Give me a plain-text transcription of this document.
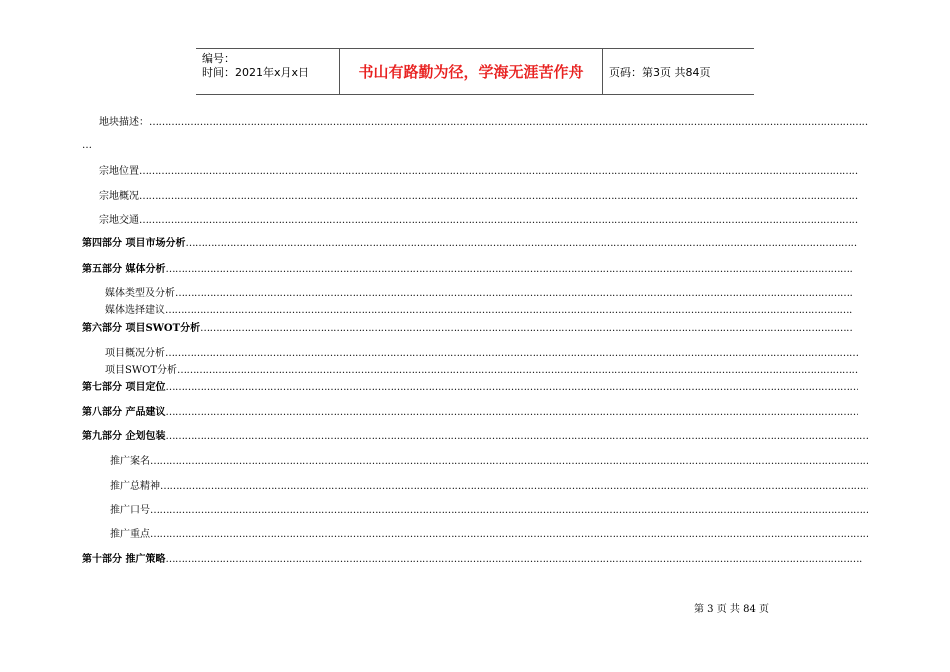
编号：
时间：2021年x月x日	书山有路勤为径，学海无涯苦作舟	页码：第3页 共84页
地块描述：
…………………………………………………………………………………………………………………………………………………………………………………………………………………………………………………………………………………………………………………………………………………………………
…
宗地位置
…………………………………………………………………………………………………………………………………………………………………………………………………………………………………………………………………………………………………………………………………………………………………
宗地概况
…………………………………………………………………………………………………………………………………………………………………………………………………………………………………………………………………………………………………………………………………………………………………
宗地交通
…………………………………………………………………………………………………………………………………………………………………………………………………………………………………………………………………………………………………………………………………………………………………
第四部分 项目市场分析
…………………………………………………………………………………………………………………………………………………………………………………………………………………………………………………………………………………………………………………………………………………………………
第五部分 媒体分析
…………………………………………………………………………………………………………………………………………………………………………………………………………………………………………………………………………………………………………………………………………………………………
媒体类型及分析
…………………………………………………………………………………………………………………………………………………………………………………………………………………………………………………………………………………………………………………………………………………………………
媒体选择建议
…………………………………………………………………………………………………………………………………………………………………………………………………………………………………………………………………………………………………………………………………………………………………
第六部分 项目SWOT分析
…………………………………………………………………………………………………………………………………………………………………………………………………………………………………………………………………………………………………………………………………………………………………
项目概况分析
…………………………………………………………………………………………………………………………………………………………………………………………………………………………………………………………………………………………………………………………………………………………………
项目SWOT分析
…………………………………………………………………………………………………………………………………………………………………………………………………………………………………………………………………………………………………………………………………………………………………
第七部分 项目定位
…………………………………………………………………………………………………………………………………………………………………………………………………………………………………………………………………………………………………………………………………………………………………
第八部分 产品建议
…………………………………………………………………………………………………………………………………………………………………………………………………………………………………………………………………………………………………………………………………………………………………
第九部分 企划包装
…………………………………………………………………………………………………………………………………………………………………………………………………………………………………………………………………………………………………………………………………………………………………
推广案名
…………………………………………………………………………………………………………………………………………………………………………………………………………………………………………………………………………………………………………………………………………………………………
推广总精神
…………………………………………………………………………………………………………………………………………………………………………………………………………………………………………………………………………………………………………………………………………………………………
推广口号
…………………………………………………………………………………………………………………………………………………………………………………………………………………………………………………………………………………………………………………………………………………………………
推广重点
…………………………………………………………………………………………………………………………………………………………………………………………………………………………………………………………………………………………………………………………………………………………………
第十部分 推广策略
…………………………………………………………………………………………………………………………………………………………………………………………………………………………………………………………………………………………………………………………………………………………………
第 3 页 共 84 页
